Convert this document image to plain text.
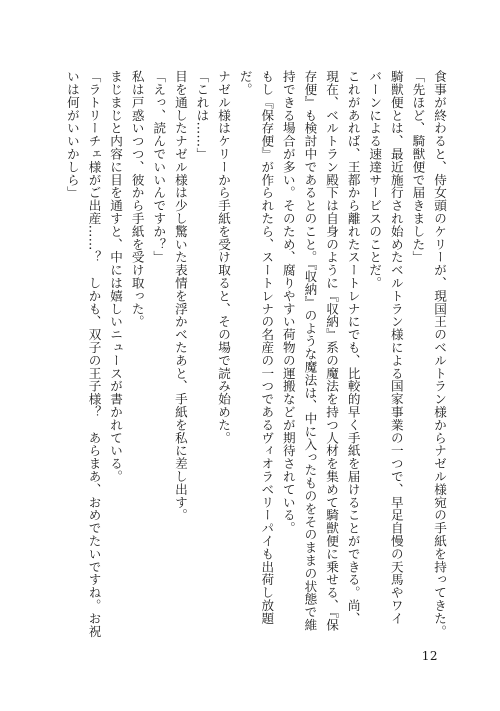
食事が終わると、侍女頭のケリーが、現国王のベルトラン様からナゼル様宛の手紙を持ってきた。
「先ほど、騎獣便で届きました」
騎獣便とは、最近施行され始めたベルトラン様による国家事業の一つで、早足自慢の天馬やワイ
バーンによる速達サービスのことだ。
これがあれば、王都から離れたスートレナにでも、比較的早く手紙を届けることができる。尚、
現在、ベルトラン殿下は自身のように『収納』系の魔法を持つ人材を集めて騎獣便に乗せる、『保
存便』も検討中であるとのこと。『収納』のような魔法は、中に入ったものをそのままの状態で維
持できる場合が多い。そのため、腐りやすい荷物の運搬などが期待されている。
もし『保存便』が作られたら、スートレナの名産の一つであるヴィオラベリーパイも出荷し放題
だ。
ナゼル様はケリーから手紙を受け取ると、その場で読み始めた。
「これは……」
目を通したナゼル様は少し驚いた表情を浮かべたあと、手紙を私に差し出す。
「えっ、読んでいいんですか？」
私は戸惑いつつ、彼から手紙を受け取った。
まじまじと内容に目を通すと、中には嬉しいニュースが書かれている。
「ラトリーチェ様がご出産……？　しかも、双子の王子様？　あらまあ、おめでたいですね。お祝
いは何がいいかしら」
12
